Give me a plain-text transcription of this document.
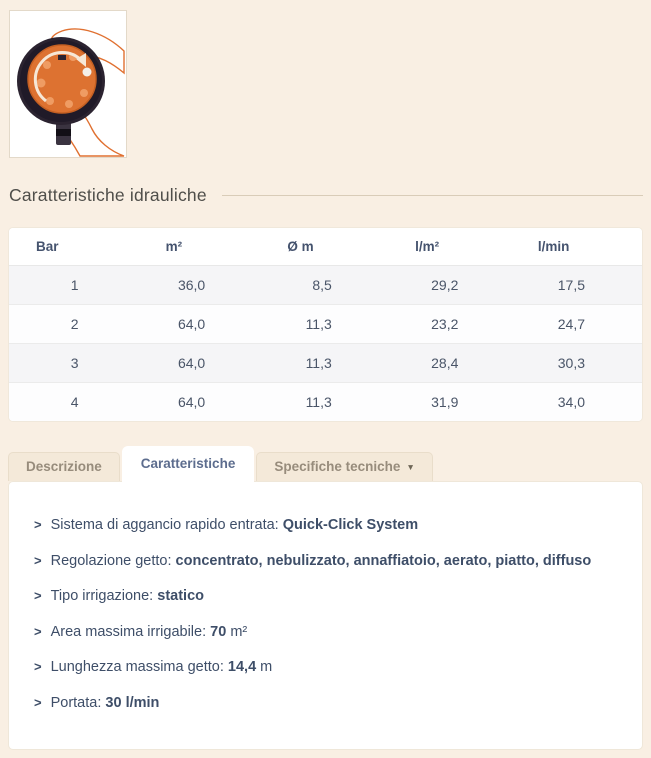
Caratteristiche idrauliche
Bar	m²	Ø m	l/m²	l/min
1	36,0	8,5	29,2	17,5
2	64,0	11,3	23,2	24,7
3	64,0	11,3	28,4	30,3
4	64,0	11,3	31,9	34,0
Descrizione	Caratteristiche	Specifiche tecniche ▼
> Sistema di aggancio rapido entrata: Quick-Click System
> Regolazione getto: concentrato, nebulizzato, annaffiatoio, aerato, piatto, diffuso
> Tipo irrigazione: statico
> Area massima irrigabile: 70 m²
> Lunghezza massima getto: 14,4 m
> Portata: 30 l/min
